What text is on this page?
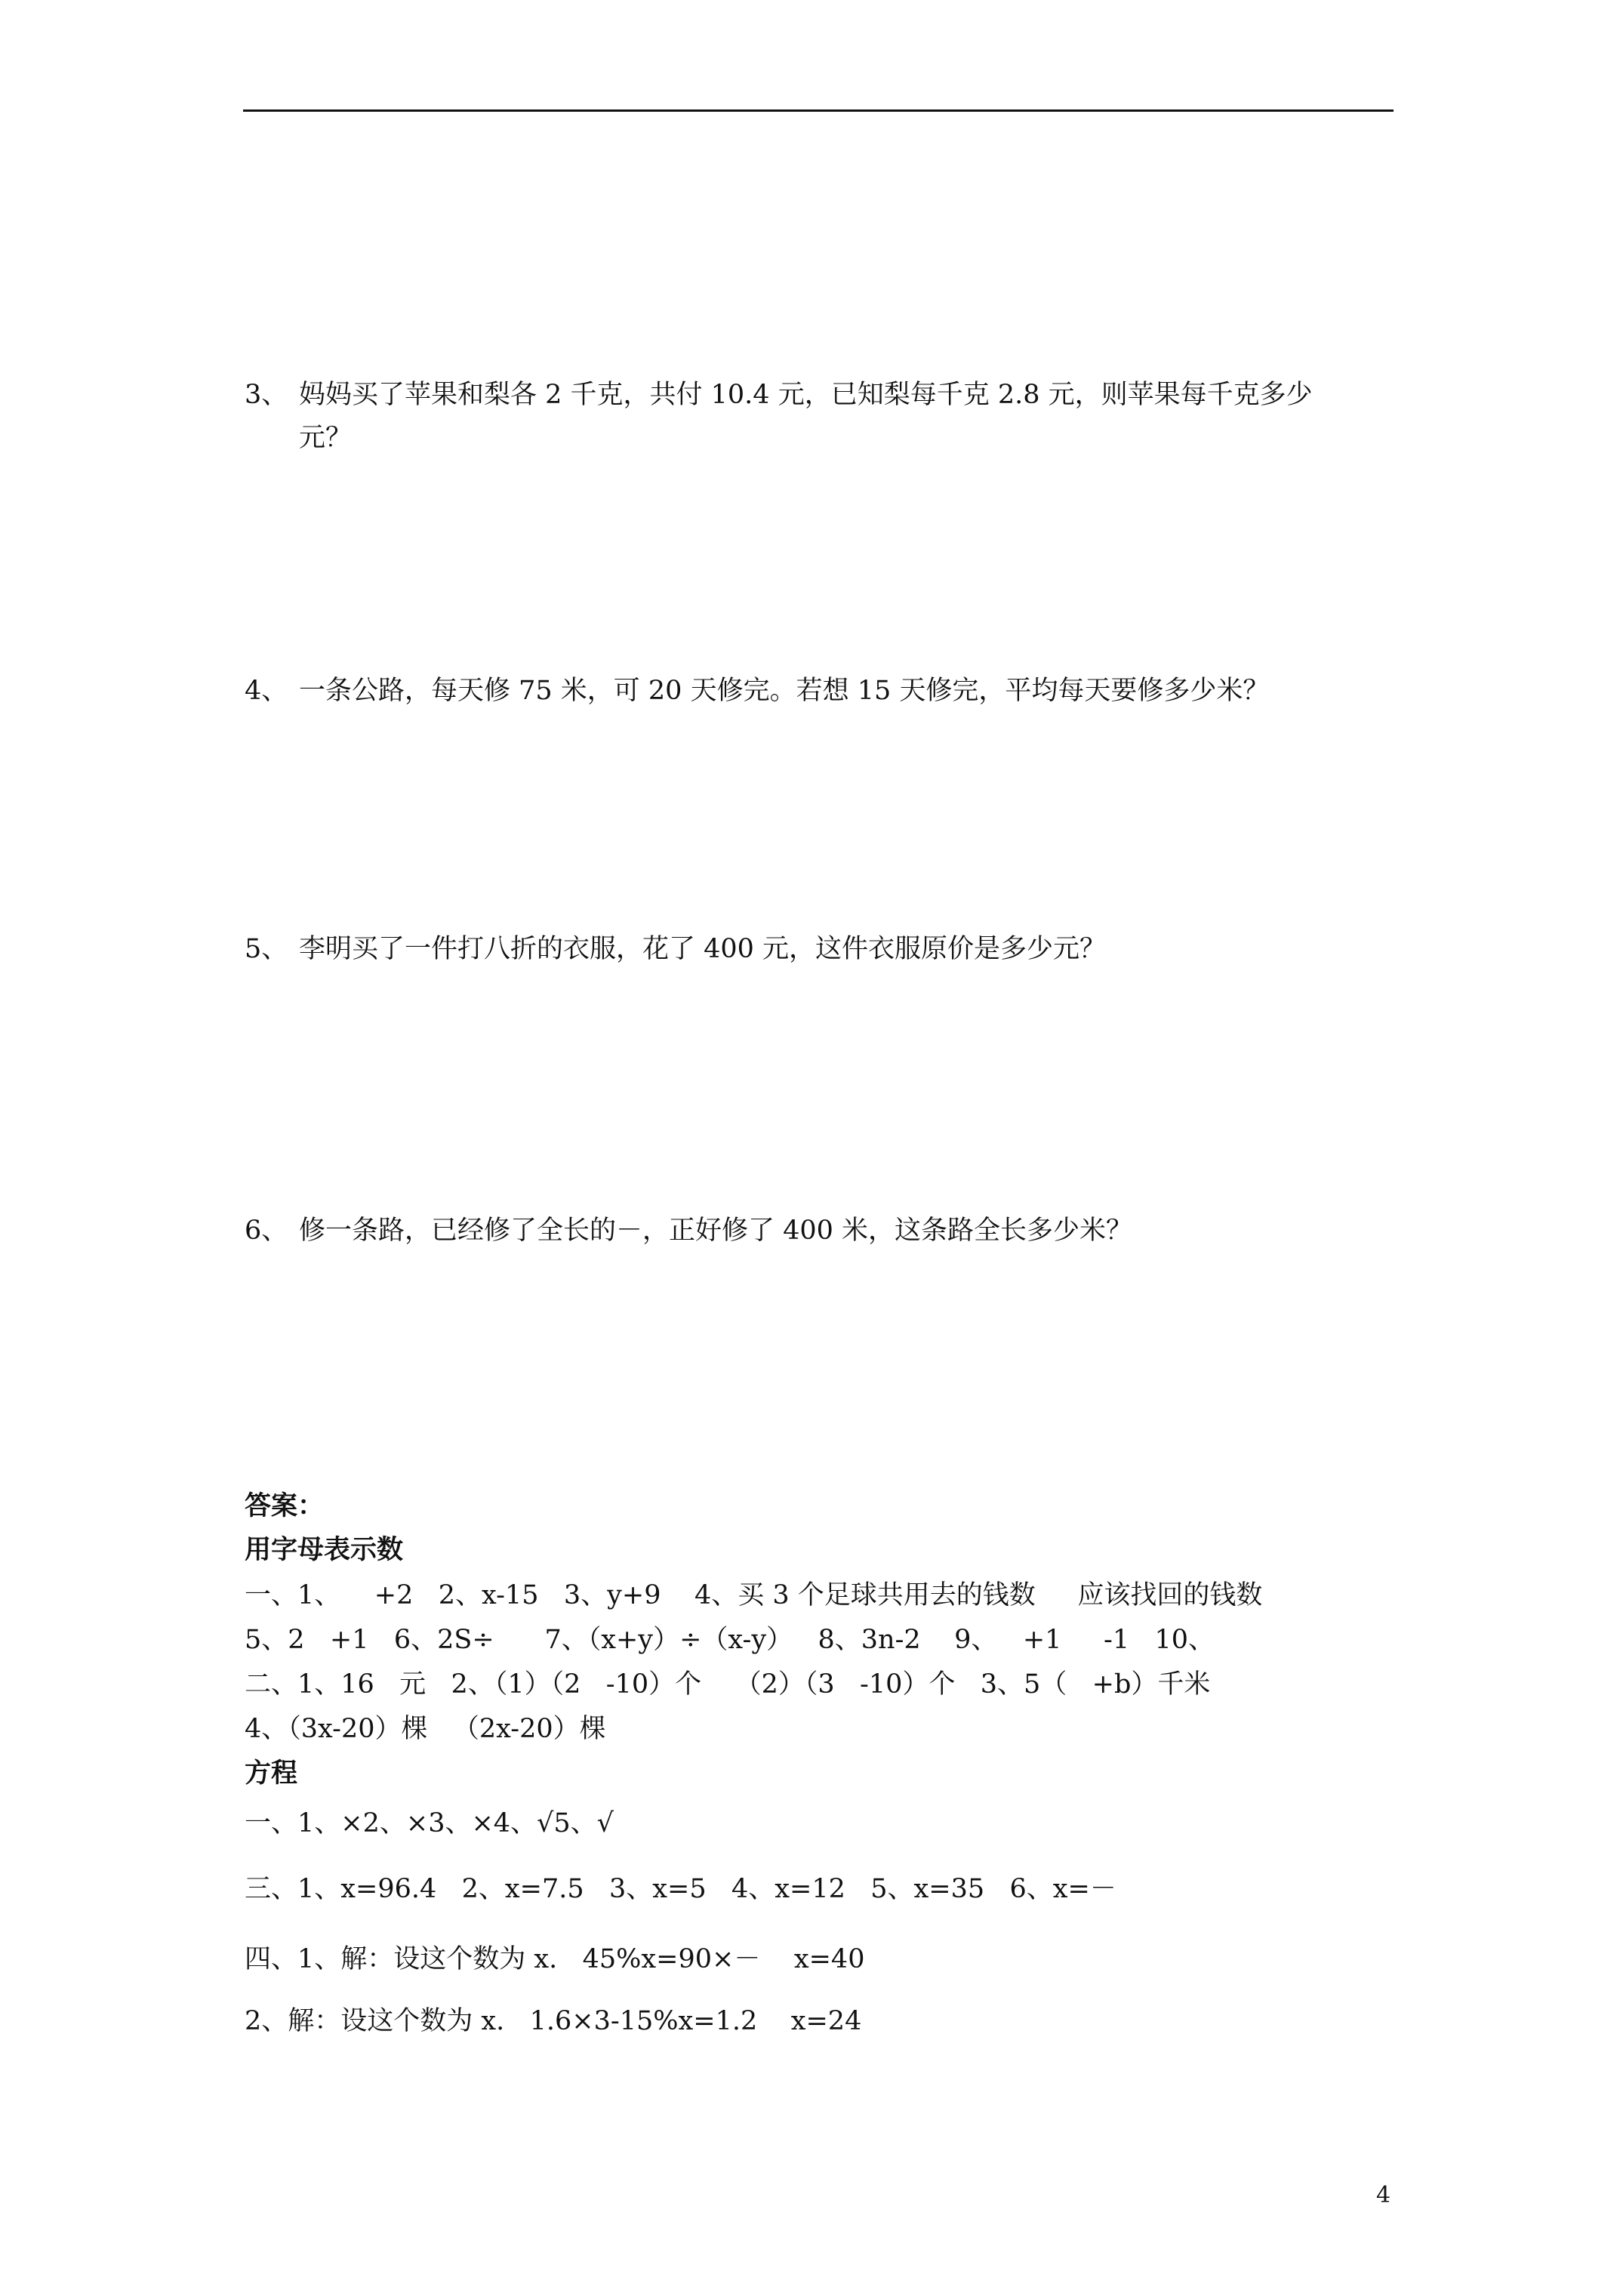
3、 妈妈买了苹果和梨各 2 千克，共付 10.4 元，已知梨每千克 2.8 元，则苹果每千克多少
元？
4、 一条公路，每天修 75 米，可 20 天修完。若想 15 天修完，平均每天要修多少米？
5、 李明买了一件打八折的衣服，花了 400 元，这件衣服原价是多少元？
6、 修一条路，已经修了全长的－，正好修了 400 米，这条路全长多少米？
答案：
用字母表示数
一、1、    +2   2、x-15   3、y+9    4、买 3 个足球共用去的钱数     应该找回的钱数
5、2   +1   6、2S÷      7、（x+y）÷（x-y）   8、3n-2    9、   +1     -1   10、
二、1、16   元   2、（1）（2   -10）个    （2）（3   -10）个   3、5（   +b）千米
4、（3x-20）棵   （2x-20）棵
方程
一、1、×2、×3、×4、√5、√
三、1、x=96.4   2、x=7.5   3、x=5   4、x=12   5、x=35   6、x=－
四、1、解：设这个数为 x.   45%x=90×－    x=40
2、解：设这个数为 x.   1.6×3-15%x=1.2    x=24
4
